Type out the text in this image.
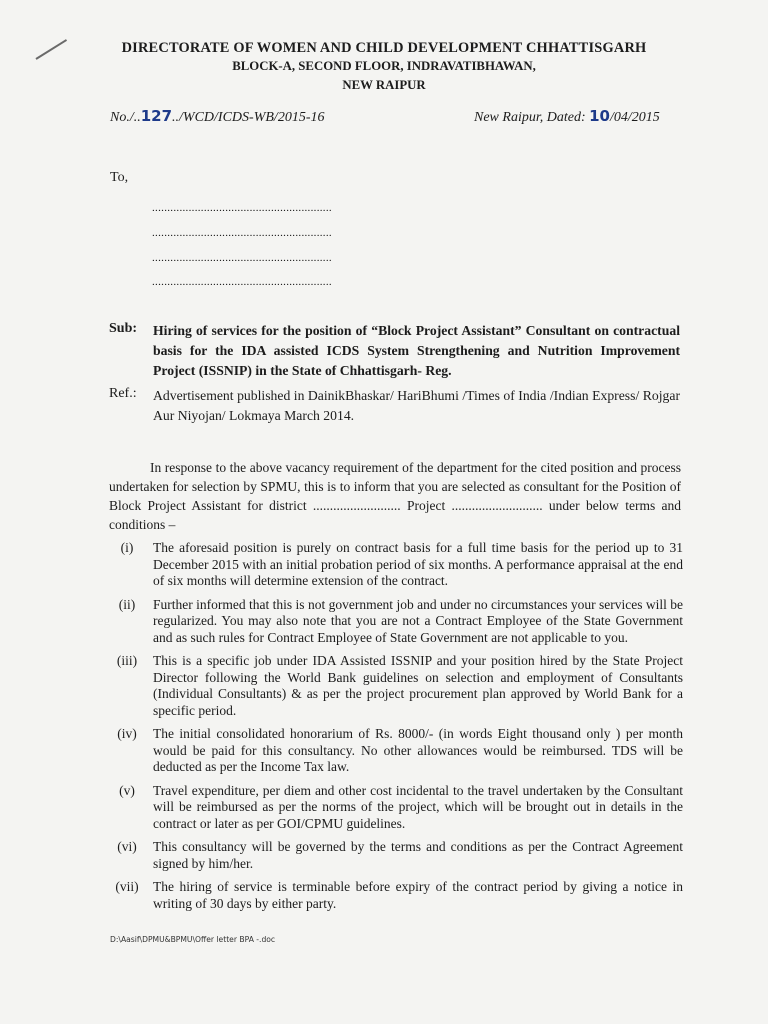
DIRECTORATE OF WOMEN AND CHILD DEVELOPMENT CHHATTISGARH
BLOCK-A, SECOND FLOOR, INDRAVATIBHAWAN,
NEW RAIPUR
No./..127../WCD/ICDS-WB/2015-16	New Raipur, Dated: 10/04/2015
To,
...........................................................
...........................................................
...........................................................
...........................................................
Sub: Hiring of services for the position of “Block Project Assistant” Consultant on contractual basis for the IDA assisted ICDS System Strengthening and Nutrition Improvement Project (ISSNIP) in the State of Chhattisgarh- Reg.
Ref.: Advertisement published in DainikBhaskar/ HariBhumi /Times of India /Indian Express/ Rojgar Aur Niyojan/ Lokmaya March 2014.
In response to the above vacancy requirement of the department for the cited position and process undertaken for selection by SPMU, this is to inform that you are selected as consultant for the Position of Block Project Assistant for district .......................... Project ........................... under below terms and conditions –
(i)	The aforesaid position is purely on contract basis for a full time basis for the period up to 31 December 2015 with an initial probation period of six months. A performance appraisal at the end of six months will determine extension of the contract.
(ii)	Further informed that this is not government job and under no circumstances your services will be regularized. You may also note that you are not a Contract Employee of the State Government and as such rules for Contract Employee of State Government are not applicable to you.
(iii)	This is a specific job under IDA Assisted ISSNIP and your position hired by the State Project Director following the World Bank guidelines on selection and employment of Consultants (Individual Consultants) & as per the project procurement plan approved by World Bank for a specific period.
(iv)	The initial consolidated honorarium of Rs. 8000/- (in words Eight thousand only ) per month would be paid for this consultancy. No other allowances would be reimbursed. TDS will be deducted as per the Income Tax law.
(v)	Travel expenditure, per diem and other cost incidental to the travel undertaken by the Consultant will be reimbursed as per the norms of the project, which will be brought out in details in the contract or later as per GOI/CPMU guidelines.
(vi)	This consultancy will be governed by the terms and conditions as per the Contract Agreement signed by him/her.
(vii)	The hiring of service is terminable before expiry of the contract period by giving a notice in writing of 30 days by either party.
D:\Aasif\DPMU&BPMU\Offer letter BPA -.doc
